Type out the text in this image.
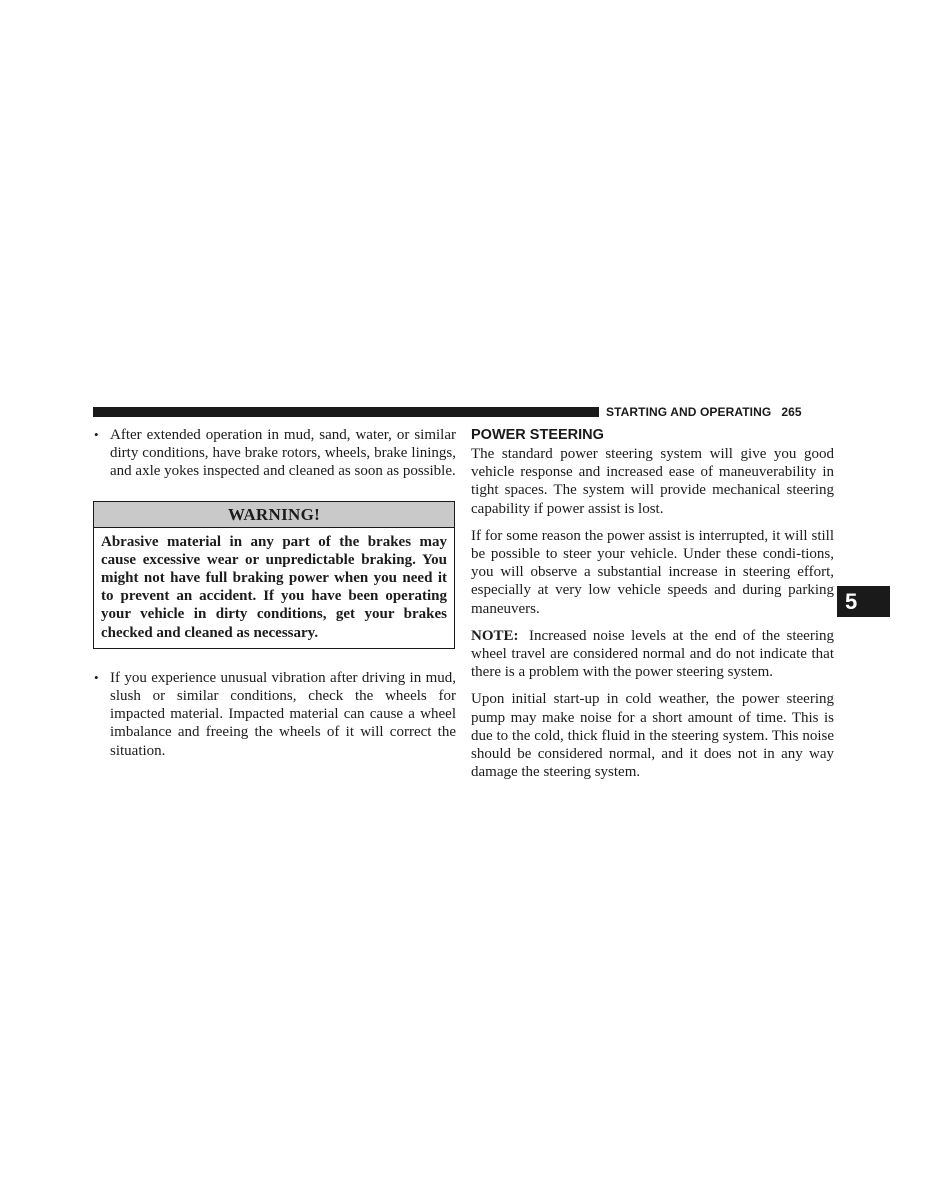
STARTING AND OPERATING 265
• After extended operation in mud, sand, water, or similar dirty conditions, have brake rotors, wheels, brake linings, and axle yokes inspected and cleaned as soon as possible.
WARNING!
Abrasive material in any part of the brakes may cause excessive wear or unpredictable braking. You might not have full braking power when you need it to prevent an accident. If you have been operating your vehicle in dirty conditions, get your brakes checked and cleaned as necessary.
• If you experience unusual vibration after driving in mud, slush or similar conditions, check the wheels for impacted material. Impacted material can cause a wheel imbalance and freeing the wheels of it will correct the situation.
POWER STEERING

The standard power steering system will give you good vehicle response and increased ease of maneuverability in tight spaces. The system will provide mechanical steering capability if power assist is lost.

If for some reason the power assist is interrupted, it will still be possible to steer your vehicle. Under these condi-tions, you will observe a substantial increase in steering effort, especially at very low vehicle speeds and during parking maneuvers.

NOTE: Increased noise levels at the end of the steering wheel travel are considered normal and do not indicate that there is a problem with the power steering system.

Upon initial start-up in cold weather, the power steering pump may make noise for a short amount of time. This is due to the cold, thick fluid in the steering system. This noise should be considered normal, and it does not in any way damage the steering system.

5
